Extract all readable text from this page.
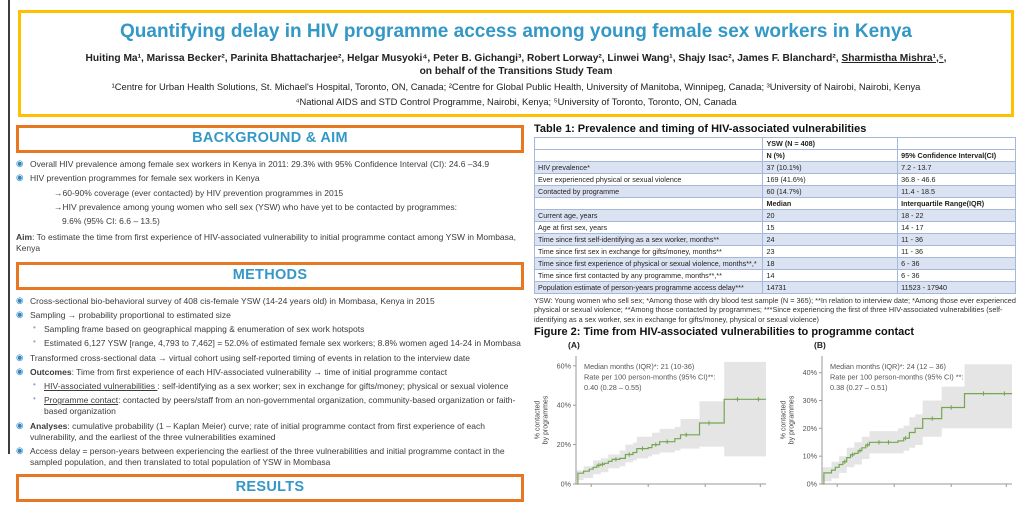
Quantifying delay in HIV programme access among young female sex workers in Kenya
Huiting Ma¹, Marissa Becker², Parinita Bhattacharjee², Helgar Musyoki⁴, Peter B. Gichangi³, Robert Lorway², Linwei Wang¹, Shajy Isac², James F. Blanchard², Sharmistha Mishra¹,⁵,
on behalf of the Transitions Study Team
¹Centre for Urban Health Solutions, St. Michael's Hospital, Toronto, ON, Canada; ²Centre for Global Public Health, University of Manitoba, Winnipeg, Canada; ³University of Nairobi, Nairobi, Kenya
⁴National AIDS and STD Control Programme, Nairobi, Kenya; ⁵University of Toronto, Toronto, ON, Canada
BACKGROUND & AIM
◉ Overall HIV prevalence among female sex workers in Kenya in 2011: 29.3% with 95% Confidence Interval (CI): 24.6 –34.9
◉ HIV prevention programmes for female sex workers in Kenya
→60-90% coverage (ever contacted) by HIV prevention programmes in 2015
→HIV prevalence among young women who sell sex (YSW) who have yet to be contacted by programmes:
9.6% (95% CI: 6.6 – 13.5)
Aim: To estimate the time from first experience of HIV-associated vulnerability to initial programme contact among YSW in Mombasa, Kenya
METHODS
◉ Cross-sectional bio-behavioral survey of 408 cis-female YSW (14-24 years old) in Mombasa, Kenya in 2015
◉ Sampling → probability proportional to estimated size
• Sampling frame based on geographical mapping & enumeration of sex work hotspots
• Estimated 6,127 YSW [range, 4,793 to 7,462] = 52.0% of estimated female sex workers; 8.8% women aged 14-24 in Mombasa
◉ Transformed cross-sectional data → virtual cohort using self-reported timing of events in relation to the interview date
◉ Outcomes: Time from first experience of each HIV-associated vulnerability → time of initial programme contact
• HIV-associated vulnerabilities : self-identifying as a sex worker; sex in exchange for gifts/money; physical or sexual violence
• Programme contact: contacted by peers/staff from an non-governmental organization, community-based organization or faith-based organization
◉ Analyses: cumulative probability (1 – Kaplan Meier) curve; rate of initial programme contact from first experience of each vulnerability, and the earliest of the three vulnerabilities examined
◉ Access delay = person-years between experiencing the earliest of the three vulnerabilities and initial programme contact in the sampled population, and then translated to total population of YSW in Mombasa
RESULTS
Table 1: Prevalence and timing of HIV-associated vulnerabilities
	YSW (N = 408)	
	N (%)	95% Confidence Interval(CI)
HIV prevalence*	37 (10.1%)	7.2 - 13.7
Ever experienced physical or sexual violence	169 (41.6%)	36.8 - 46.6
Contacted by programme	60 (14.7%)	11.4 - 18.5
	Median	Interquartile Range(IQR)
Current age, years	20	18 - 22
Age at first sex, years	15	14 - 17
Time since first self-identifying as a sex worker, months**	24	11 - 36
Time since first sex in exchange for gifts/money, months**	23	11 - 36
Time since first experience of physical or sexual violence, months**,*	18	6 - 36
Time since first contacted by any programme, months**,**	14	6 - 36
Population estimate of person-years programme access delay***	14731	11523 - 17940
YSW: Young women who sell sex; *Among those with dry blood test sample (N = 365); **In relation to interview date; *Among those ever experienced physical or sexual violence; **Among those contacted by programmes; ***Since experiencing the first of three HIV-associated vulnerabilities (self-identifying as a sex worker, sex in exchange for gifts/money, physical or sexual violence)
Figure 2: Time from HIV-associated vulnerabilities to programme contact
(A)
0%
20%
40%
60%
% contactedby programmes
Median months (IQR)*: 21 (10-36)
Rate per 100 person-months (95% CI)**:
0.40 (0.28 – 0.55)
(B)
0%
10%
20%
30%
40%
% contactedby programmes
Median months (IQR)*: 24 (12 – 36)
Rate per 100 person-months (95% CI) **:
0.38 (0.27 – 0.51)
